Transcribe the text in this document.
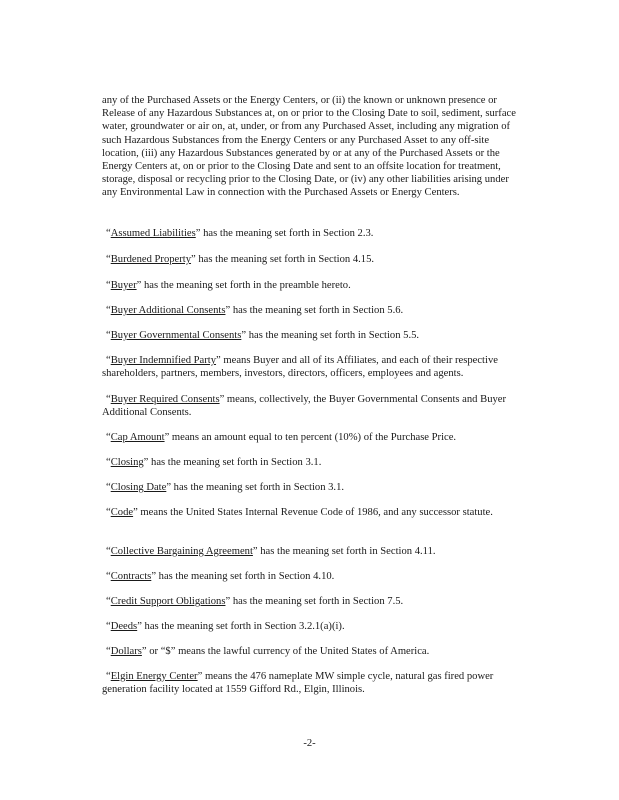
any of the Purchased Assets or the Energy Centers, or (ii) the known or unknown presence or Release of any Hazardous Substances at, on or prior to the Closing Date to soil, sediment, surface water, groundwater or air on, at, under, or from any Purchased Asset, including any migration of such Hazardous Substances from the Energy Centers or any Purchased Asset to any off-site location, (iii) any Hazardous Substances generated by or at any of the Purchased Assets or the Energy Centers at, on or prior to the Closing Date and sent to an offsite location for treatment, storage, disposal or recycling prior to the Closing Date, or (iv) any other liabilities arising under any Environmental Law in connection with the Purchased Assets or Energy Centers.

“Assumed Liabilities” has the meaning set forth in Section 2.3.

“Burdened Property” has the meaning set forth in Section 4.15.

“Buyer” has the meaning set forth in the preamble hereto.

“Buyer Additional Consents” has the meaning set forth in Section 5.6.

“Buyer Governmental Consents” has the meaning set forth in Section 5.5.

“Buyer Indemnified Party” means Buyer and all of its Affiliates, and each of their respective shareholders, partners, members, investors, directors, officers, employees and agents.

“Buyer Required Consents” means, collectively, the Buyer Governmental Consents and Buyer Additional Consents.

“Cap Amount” means an amount equal to ten percent (10%) of the Purchase Price.

“Closing” has the meaning set forth in Section 3.1.

“Closing Date” has the meaning set forth in Section 3.1.

“Code” means the United States Internal Revenue Code of 1986, and any successor statute.

“Collective Bargaining Agreement” has the meaning set forth in Section 4.11.

“Contracts” has the meaning set forth in Section 4.10.

“Credit Support Obligations” has the meaning set forth in Section 7.5.

“Deeds” has the meaning set forth in Section 3.2.1(a)(i).

“Dollars” or “$” means the lawful currency of the United States of America.

“Elgin Energy Center” means the 476 nameplate MW simple cycle, natural gas fired power generation facility located at 1559 Gifford Rd., Elgin, Illinois.

-2-
